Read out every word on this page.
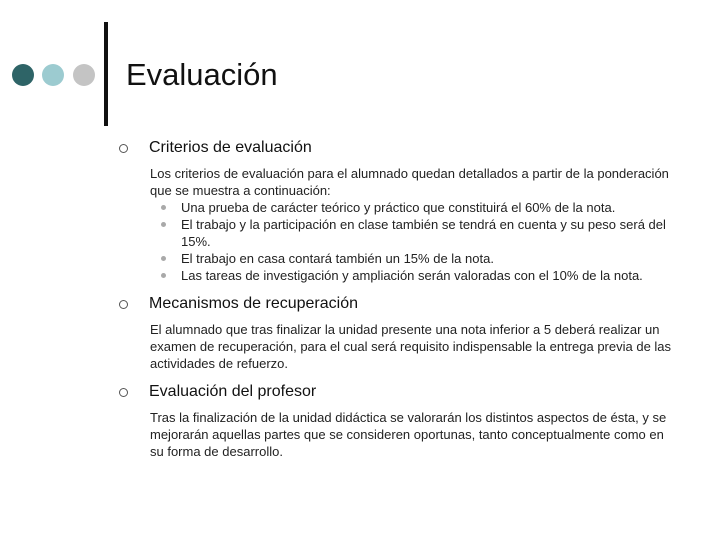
Evaluación
Criterios de evaluación
Los criterios de evaluación para el alumnado quedan detallados a partir de la ponderación que se muestra a continuación:
Una prueba de carácter teórico y práctico que constituirá el 60% de la nota.
El trabajo y la participación en clase también se tendrá en cuenta y su peso será del 15%.
El trabajo en casa contará también un 15% de la nota.
Las tareas de investigación y ampliación serán valoradas con el 10% de la nota.
Mecanismos de recuperación
El alumnado que tras finalizar la unidad presente una nota inferior a 5 deberá realizar un examen de recuperación, para el cual será requisito indispensable la entrega previa de las actividades de refuerzo.
Evaluación del profesor
Tras la finalización de la unidad didáctica se valorarán los distintos aspectos de ésta, y se mejorarán aquellas partes que se consideren oportunas, tanto conceptualmente como en su forma de desarrollo.
